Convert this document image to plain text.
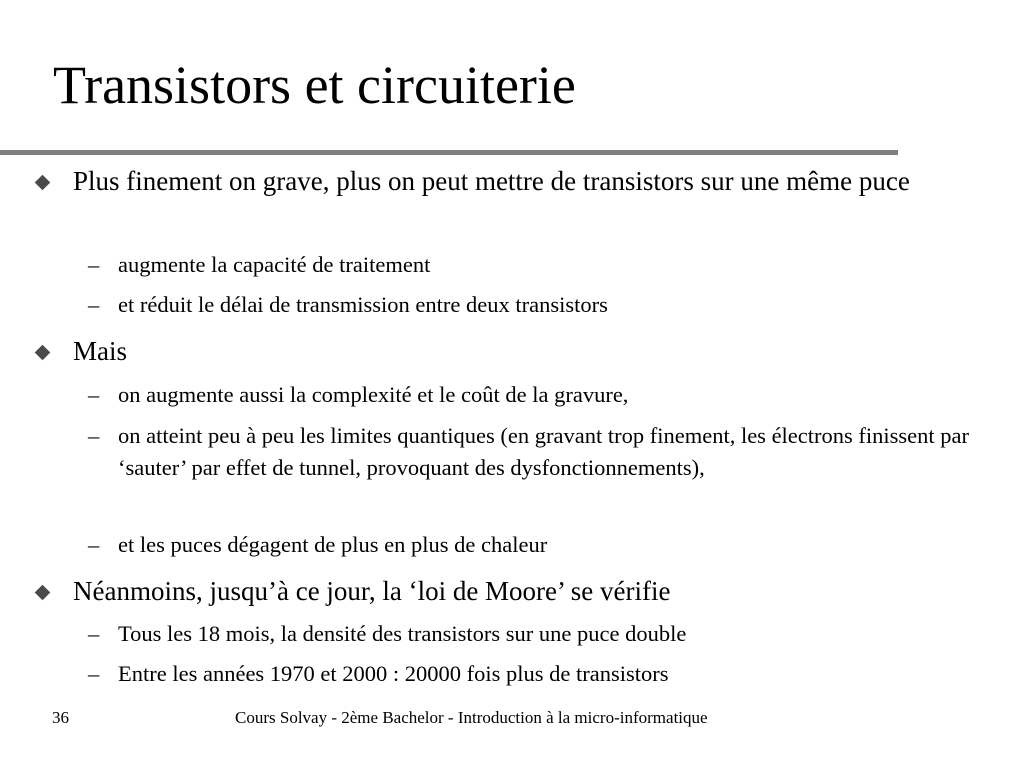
Transistors et circuiterie
Plus finement on grave, plus on peut mettre de transistors sur une même puce
– augmente la capacité de traitement
– et réduit le délai de transmission entre deux transistors
Mais
– on augmente aussi la complexité et le coût de la gravure,
– on atteint peu à peu les limites quantiques (en gravant trop finement, les électrons finissent par ‘sauter’ par effet de tunnel, provoquant des dysfonctionnements),
– et les puces dégagent de plus en plus de chaleur
Néanmoins, jusqu’à ce jour, la ‘loi de Moore’ se vérifie
– Tous les 18 mois, la densité des transistors sur une puce double
– Entre les années 1970 et 2000 : 20000 fois plus de transistors
36	Cours Solvay - 2ème Bachelor - Introduction à la micro-informatique
